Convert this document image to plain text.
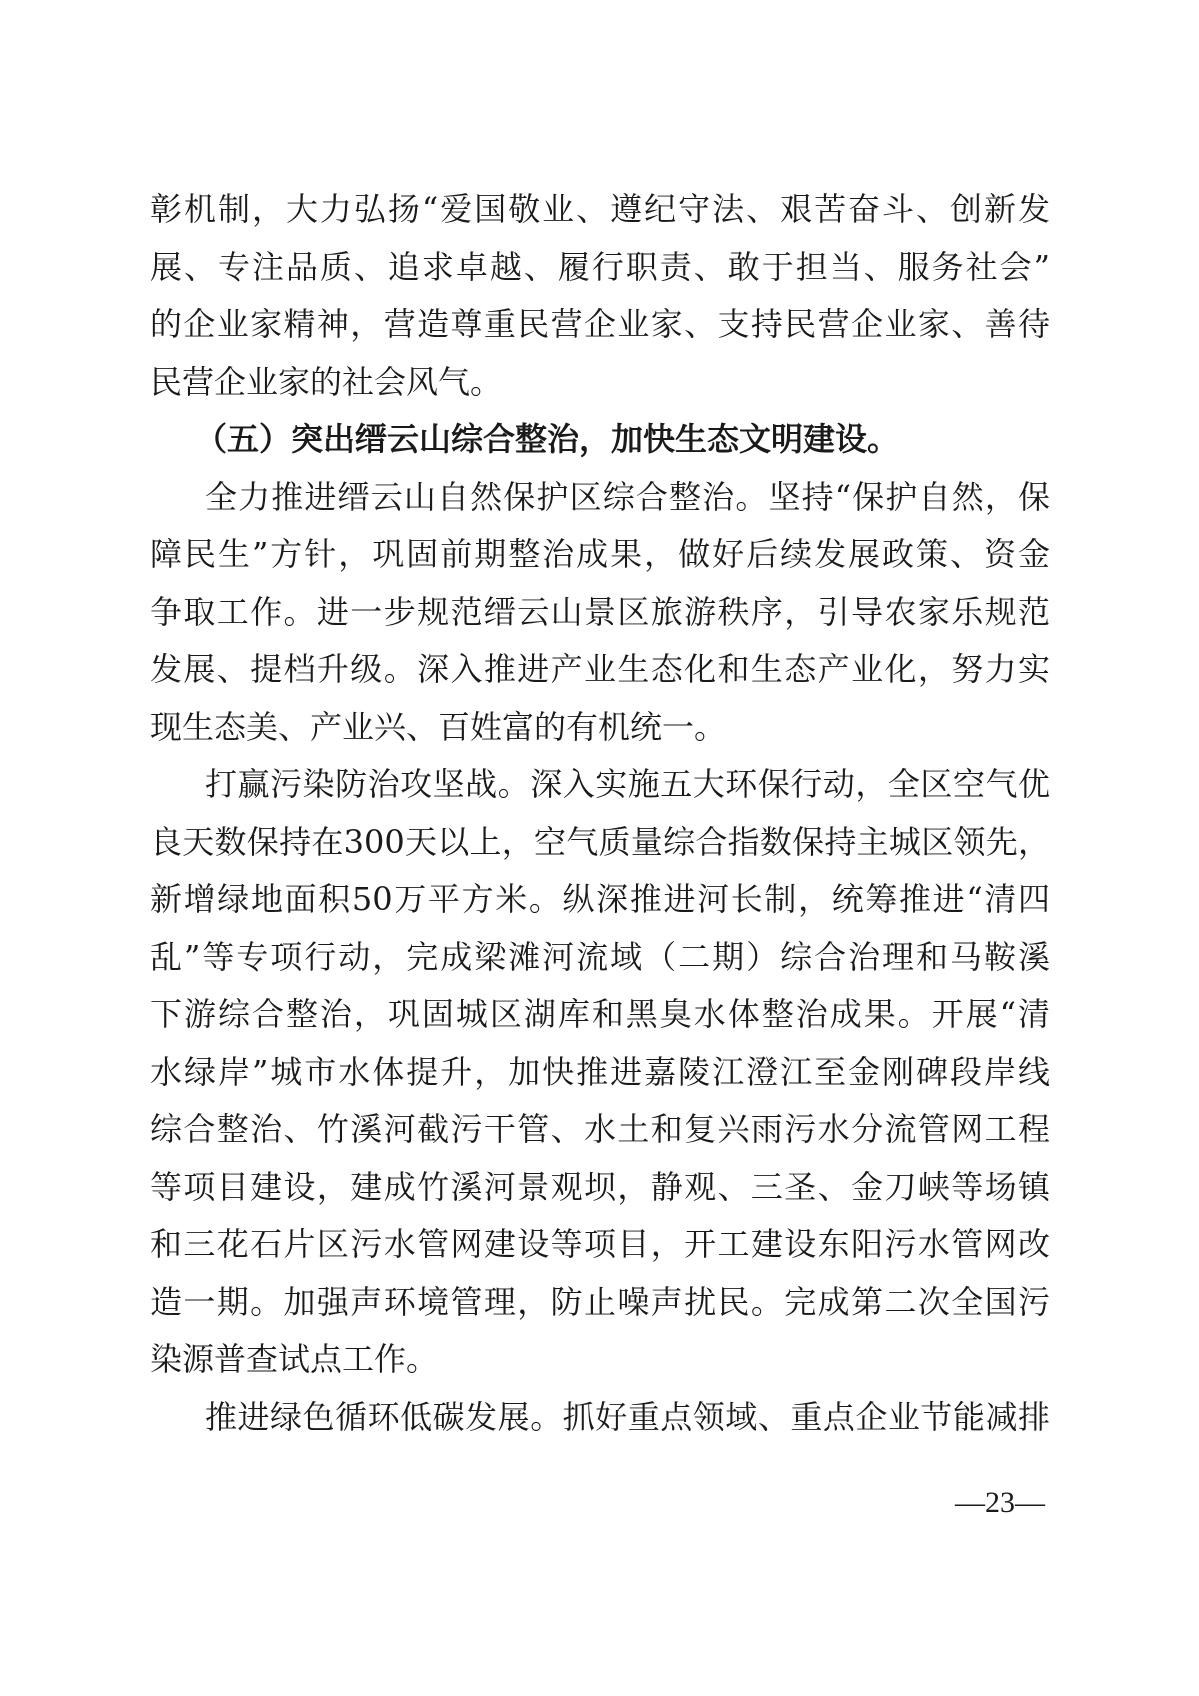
彰机制，大力弘扬“爱国敬业、遵纪守法、艰苦奋斗、创新发
展、专注品质、追求卓越、履行职责、敢于担当、服务社会”
的企业家精神，营造尊重民营企业家、支持民营企业家、善待
民营企业家的社会风气。
（五）突出缙云山综合整治，加快生态文明建设。
全力推进缙云山自然保护区综合整治。坚持“保护自然，保
障民生”方针，巩固前期整治成果，做好后续发展政策、资金
争取工作。进一步规范缙云山景区旅游秩序，引导农家乐规范
发展、提档升级。深入推进产业生态化和生态产业化，努力实
现生态美、产业兴、百姓富的有机统一。
打赢污染防治攻坚战。深入实施五大环保行动，全区空气优
良天数保持在300天以上，空气质量综合指数保持主城区领先，
新增绿地面积50万平方米。纵深推进河长制，统筹推进“清四
乱”等专项行动，完成梁滩河流域（二期）综合治理和马鞍溪
下游综合整治，巩固城区湖库和黑臭水体整治成果。开展“清
水绿岸”城市水体提升，加快推进嘉陵江澄江至金刚碑段岸线
综合整治、竹溪河截污干管、水土和复兴雨污水分流管网工程
等项目建设，建成竹溪河景观坝，静观、三圣、金刀峡等场镇
和三花石片区污水管网建设等项目，开工建设东阳污水管网改
造一期。加强声环境管理，防止噪声扰民。完成第二次全国污
染源普查试点工作。
推进绿色循环低碳发展。抓好重点领域、重点企业节能减排
—23—
